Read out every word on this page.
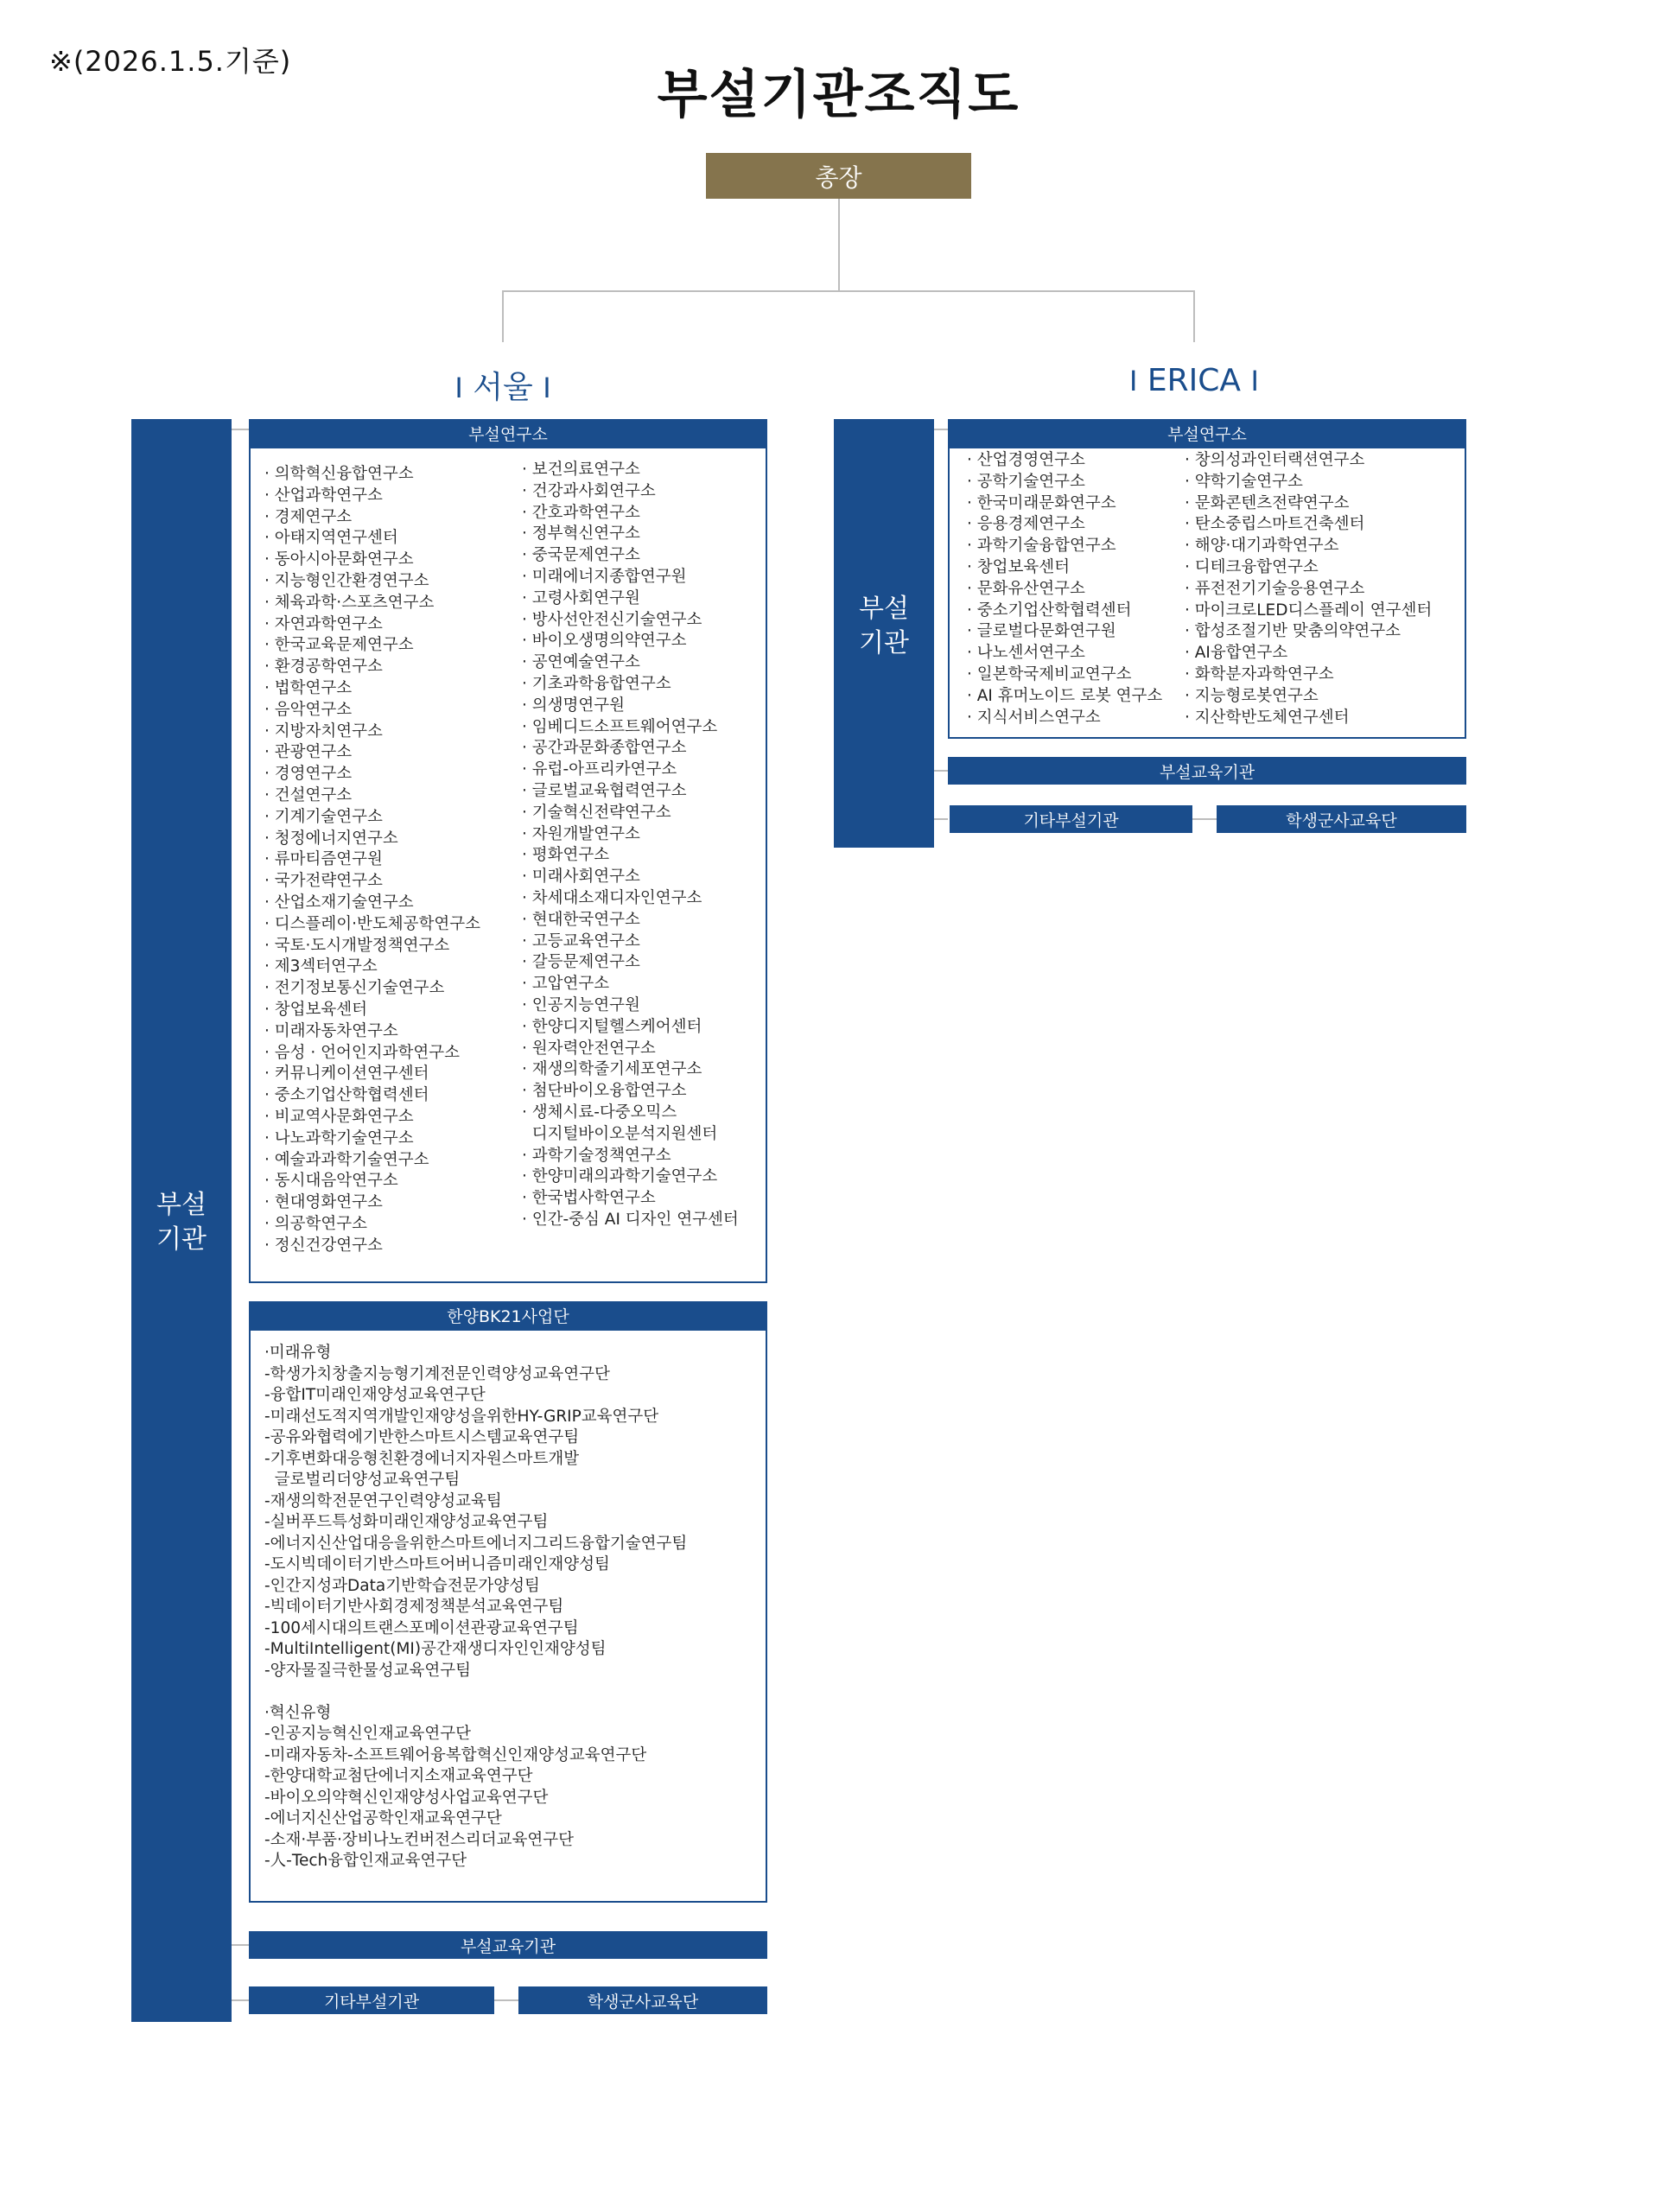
※(2026.1.5.기준)
부설기관조직도
총장
I 서울 I	I ERICA I
부설
기관
부설연구소
· 의학혁신융합연구소
· 산업과학연구소
· 경제연구소
· 아태지역연구센터
· 동아시아문화연구소
· 지능형인간환경연구소
· 체육과학·스포츠연구소
· 자연과학연구소
· 한국교육문제연구소
· 환경공학연구소
· 법학연구소
· 음악연구소
· 지방자치연구소
· 관광연구소
· 경영연구소
· 건설연구소
· 기계기술연구소
· 청정에너지연구소
· 류마티즘연구원
· 국가전략연구소
· 산업소재기술연구소
· 디스플레이·반도체공학연구소
· 국토·도시개발정책연구소
· 제3섹터연구소
· 전기정보통신기술연구소
· 창업보육센터
· 미래자동차연구소
· 음성 · 언어인지과학연구소
· 커뮤니케이션연구센터
· 중소기업산학협력센터
· 비교역사문화연구소
· 나노과학기술연구소
· 예술과과학기술연구소
· 동시대음악연구소
· 현대영화연구소
· 의공학연구소
· 정신건강연구소
· 보건의료연구소
· 건강과사회연구소
· 간호과학연구소
· 정부혁신연구소
· 중국문제연구소
· 미래에너지종합연구원
· 고령사회연구원
· 방사선안전신기술연구소
· 바이오생명의약연구소
· 공연예술연구소
· 기초과학융합연구소
· 의생명연구원
· 임베디드소프트웨어연구소
· 공간과문화종합연구소
· 유럽-아프리카연구소
· 글로벌교육협력연구소
· 기술혁신전략연구소
· 자원개발연구소
· 평화연구소
· 미래사회연구소
· 차세대소재디자인연구소
· 현대한국연구소
· 고등교육연구소
· 갈등문제연구소
· 고압연구소
· 인공지능연구원
· 한양디지털헬스케어센터
· 원자력안전연구소
· 재생의학줄기세포연구소
· 첨단바이오융합연구소
· 생체시료-다중오믹스
디지털바이오분석지원센터
· 과학기술정책연구소
· 한양미래의과학기술연구소
· 한국법사학연구소
· 인간-중심 AI 디자인 연구센터
한양BK21사업단
·미래유형
-학생가치창출지능형기계전문인력양성교육연구단
-융합IT미래인재양성교육연구단
-미래선도적지역개발인재양성을위한HY-GRIP교육연구단
-공유와협력에기반한스마트시스템교육연구팀
-기후변화대응형친환경에너지자원스마트개발
글로벌리더양성교육연구팀
-재생의학전문연구인력양성교육팀
-실버푸드특성화미래인재양성교육연구팀
-에너지신산업대응을위한스마트에너지그리드융합기술연구팀
-도시빅데이터기반스마트어버니즘미래인재양성팀
-인간지성과Data기반학습전문가양성팀
-빅데이터기반사회경제정책분석교육연구팀
-100세시대의트랜스포메이션관광교육연구팀
-MultiIntelligent(MI)공간재생디자인인재양성팀
-양자물질극한물성교육연구팀
·혁신유형
-인공지능혁신인재교육연구단
-미래자동차-소프트웨어융복합혁신인재양성교육연구단
-한양대학교첨단에너지소재교육연구단
-바이오의약혁신인재양성사업교육연구단
-에너지신산업공학인재교육연구단
-소재·부품·장비나노컨버전스리더교육연구단
-人-Tech융합인재교육연구단
부설교육기관
기타부설기관	학생군사교육단
부설
기관
부설연구소
· 산업경영연구소
· 공학기술연구소
· 한국미래문화연구소
· 응용경제연구소
· 과학기술융합연구소
· 창업보육센터
· 문화유산연구소
· 중소기업산학협력센터
· 글로벌다문화연구원
· 나노센서연구소
· 일본학국제비교연구소
· AI 휴머노이드 로봇 연구소
· 지식서비스연구소
· 창의성과인터랙션연구소
· 약학기술연구소
· 문화콘텐츠전략연구소
· 탄소중립스마트건축센터
· 해양·대기과학연구소
· 디테크융합연구소
· 퓨전전기기술응용연구소
· 마이크로LED디스플레이 연구센터
· 합성조절기반 맞춤의약연구소
· AI융합연구소
· 화학분자과학연구소
· 지능형로봇연구소
· 지산학반도체연구센터
부설교육기관
기타부설기관	학생군사교육단
